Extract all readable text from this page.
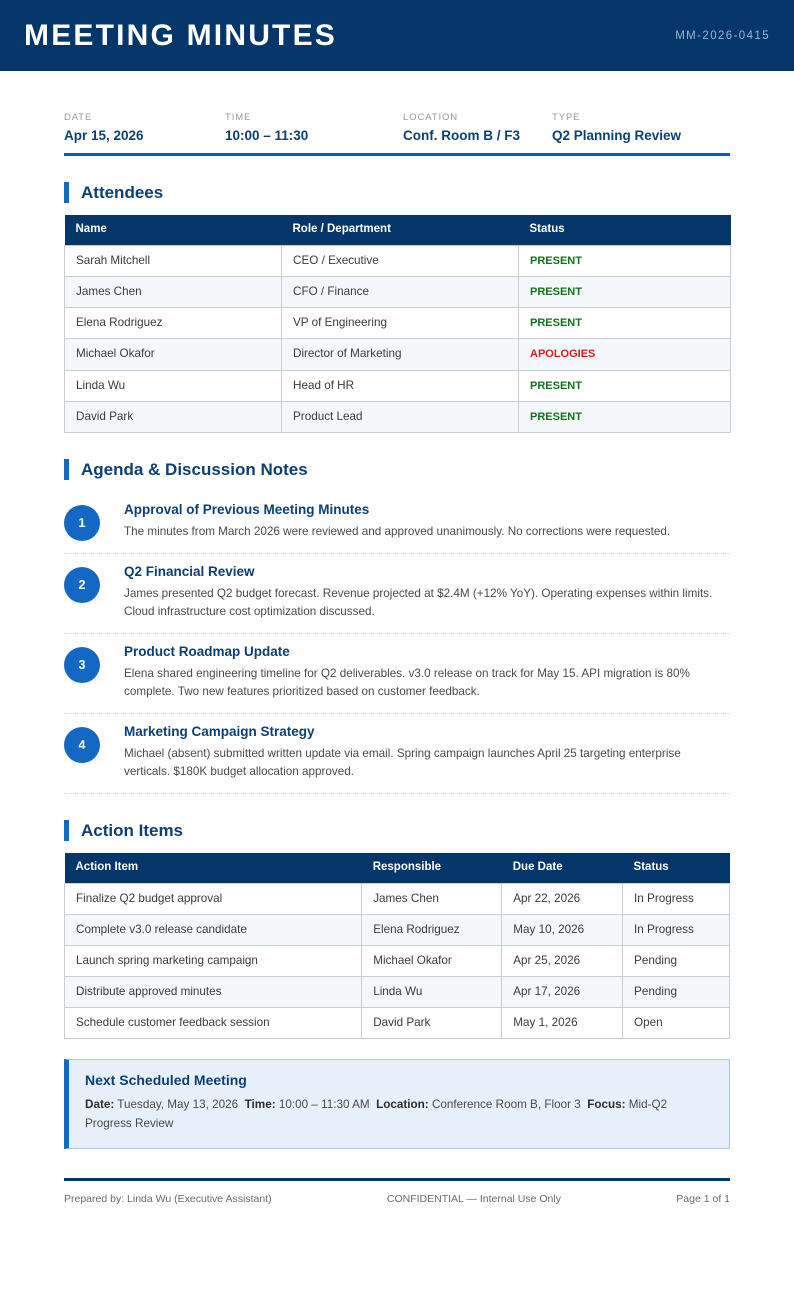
MEETING MINUTES	MM-2026-0415
DATE
Apr 15, 2026
TIME
10:00 – 11:30
LOCATION
Conf. Room B / F3
TYPE
Q2 Planning Review
Attendees
Name	Role / Department	Status
Sarah Mitchell	CEO / Executive	PRESENT
James Chen	CFO / Finance	PRESENT
Elena Rodriguez	VP of Engineering	PRESENT
Michael Okafor	Director of Marketing	APOLOGIES
Linda Wu	Head of HR	PRESENT
David Park	Product Lead	PRESENT
Agenda & Discussion Notes
1
Approval of Previous Meeting Minutes
The minutes from March 2026 were reviewed and approved unanimously. No corrections were requested.
2
Q2 Financial Review
James presented Q2 budget forecast. Revenue projected at $2.4M (+12% YoY). Operating expenses within limits. Cloud infrastructure cost optimization discussed.
3
Product Roadmap Update
Elena shared engineering timeline for Q2 deliverables. v3.0 release on track for May 15. API migration is 80% complete. Two new features prioritized based on customer feedback.
4
Marketing Campaign Strategy
Michael (absent) submitted written update via email. Spring campaign launches April 25 targeting enterprise verticals. $180K budget allocation approved.
Action Items
Action Item	Responsible	Due Date	Status
Finalize Q2 budget approval	James Chen	Apr 22, 2026	In Progress
Complete v3.0 release candidate	Elena Rodriguez	May 10, 2026	In Progress
Launch spring marketing campaign	Michael Okafor	Apr 25, 2026	Pending
Distribute approved minutes	Linda Wu	Apr 17, 2026	Pending
Schedule customer feedback session	David Park	May 1, 2026	Open
Next Scheduled Meeting
Date: Tuesday, May 13, 2026 Time: 10:00 – 11:30 AM Location: Conference Room B, Floor 3 Focus: Mid-Q2 Progress Review
Prepared by: Linda Wu (Executive Assistant)	CONFIDENTIAL — Internal Use Only	Page 1 of 1
